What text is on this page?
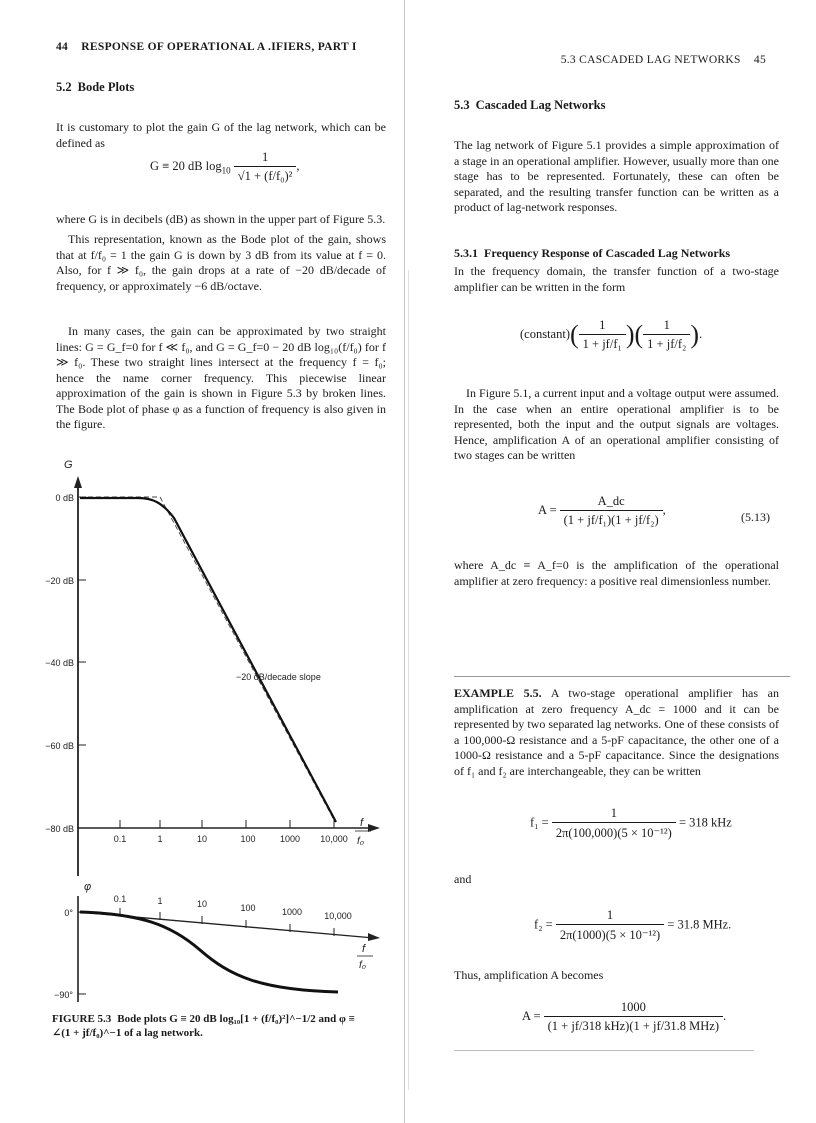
44 RESPONSE OF OPERATIONAL A .IFIERS, PART I
5.2 Bode Plots
It is customary to plot the gain G of the lag network, which can be defined as
G ≡ 20 dB $\log_{10} \frac{1}{\text{√1 + (f/f₀)²}}$ ,
where G is in decibels (dB) as shown in the upper part of Figure 5.3.
This representation, known as the Bode plot of the gain, shows that at f/f₀ = 1 the gain G is down by 3 dB from its value at f = 0. Also, for f ≫ f₀, the gain drops at a rate of −20 dB/decade of frequency, or approximately −6 dB/octave.
In many cases, the gain can be approximated by two straight lines: G = G_f=0 for f ≪ f₀, and G = G_f=0 − 20 dB log₁₀(f/f₀) for f ≫ f₀. These two straight lines intersect at the frequency f = f₀; hence the name corner frequency. This piecewise linear approximation of the gain is shown in Figure 5.3 by broken lines. The Bode plot of phase φ as a function of frequency is also given in the figure.
G
0 dB
−20 dB
−40 dB
−60 dB
−80 dB
0.1	1	10	100	1000 10,000
f
f₀
−20 dB/decade slope
φ
0°
−90°
0.1	1	10	100	1000 10,000
f
f₀
FIGURE 5.3 Bode plots G ≡ 20 dB log₁₀[1 + (f/f₀)²]^−1/2 and φ ≡
∠(1 + jf/f₀)^−1 of a lag network.
5.3 CASCADED LAG NETWORKS 45
5.3 Cascaded Lag Networks
The lag network of Figure 5.1 provides a simple approximation of a stage in an operational amplifier. However, usually more than one stage has to be represented. Fortunately, these can often be separated, and the resulting transfer function can be written as a product of lag-network responses.
5.3.1 Frequency Response of Cascaded Lag Networks
In the frequency domain, the transfer function of a two-stage amplifier can be written in the form
(constant)( $\frac{1}{\text{1 + jf/f₁}}$ )( $\frac{1}{\text{1 + jf/f₂}}$ ).
In Figure 5.1, a current input and a voltage output were assumed. In the case when an entire operational amplifier is to be represented, both the input and the output signals are voltages. Hence, amplification A of an operational amplifier consisting of two stages can be written
$A = \frac{A\_dc}{\text{(1 + jf/f₁)(1 + jf/f₂)}}$ ,
(5.13)
where A_dc ≡ A_f=0 is the amplification of the operational amplifier at zero frequency: a positive real dimensionless number.
EXAMPLE 5.5. A two-stage operational amplifier has an amplification at zero frequency A_dc = 1000 and it can be represented by two separated lag networks. One of these consists of a 100,000-Ω resistance and a 5-pF capacitance, the other one of a 1000-Ω resistance and a 5-pF capacitance. Since the designations of f₁ and f₂ are interchangeable, they can be written
$f_1 = \frac{1}{\text{2π(100,000)(5 × 10⁻¹²)}} = 318$ kHz
and
$f_2 = \frac{1}{\text{2π(1000)(5 × 10⁻¹²)}} = 31.8$ MHz.
Thus, amplification A becomes
$A = \frac{1000}{\text{(1 + jf/318 kHz)(1 + jf/31.8 MHz)}}$ .
